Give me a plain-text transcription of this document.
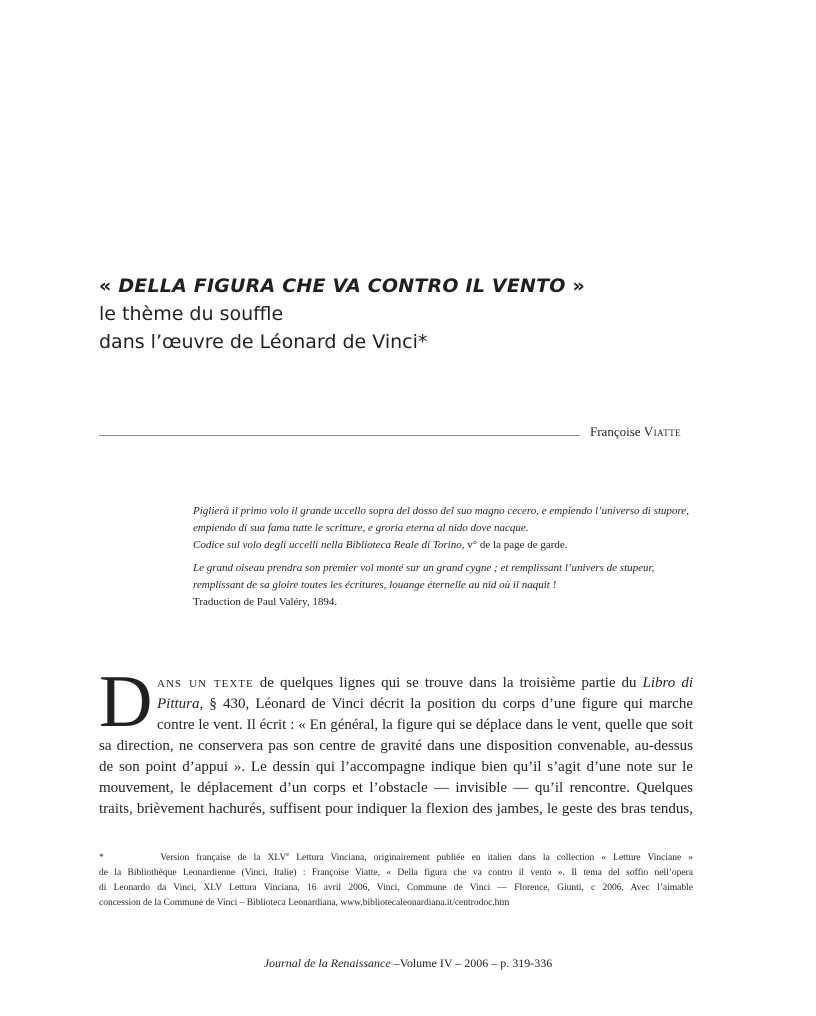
« DELLA FIGURA CHE VA CONTRO IL VENTO »
le thème du souffle
dans l’œuvre de Léonard de Vinci*
Françoise Viatte

Piglierà il primo volo il grande uccello sopra del dosso del suo magno cecero, e empiendo l’universo di stupore,

empiendo di sua fama tutte le scritture, e groria eterna al nido dove nacque.

Codice sul volo degli uccelli nella Biblioteca Reale di Torino, v° de la page de garde.

Le grand oiseau prendra son premier vol monté sur un grand cygne ; et remplissant l’univers de stupeur,

remplissant de sa gloire toutes les écritures, louange éternelle au nid où il naquit !

Traduction de Paul Valéry, 1894.

D ans un texte de quelques lignes qui se trouve dans la troisième partie du Libro di
Pittura, § 430, Léonard de Vinci décrit la position du corps d’une figure qui marche
contre le vent. Il écrit : « En général, la figure qui se déplace dans le vent, quelle que soit
sa direction, ne conservera pas son centre de gravité dans une disposition convenable, au-dessus
de son point d’appui ». Le dessin qui l’accompagne indique bien qu’il s’agit d’une note sur le
mouvement, le déplacement d’un corps et l’obstacle — invisible — qu’il rencontre. Quelques
traits, brièvement hachurés, suffisent pour indiquer la flexion des jambes, le geste des bras tendus,
*	Version française de la XLVe Lettura Vinciana, originairement publiée en italien dans la collection « Letture Vinciane »
de la Bibliothèque Leonardienne (Vinci, Italie) : Françoise Viatte, « Della figura che va contro il vento ». Il tema del soffio nell’opera
di Leonardo da Vinci, XLV Lettura Vinciana, 16 avril 2006, Vinci, Commune de Vinci — Florence, Giunti, c 2006. Avec l’aimable
concession de la Commune de Vinci – Biblioteca Leonardiana, www.bibliotecaleonardiana.it/centrodoc.htm
Journal de la Renaissance –Volume IV – 2006 – p. 319-336
